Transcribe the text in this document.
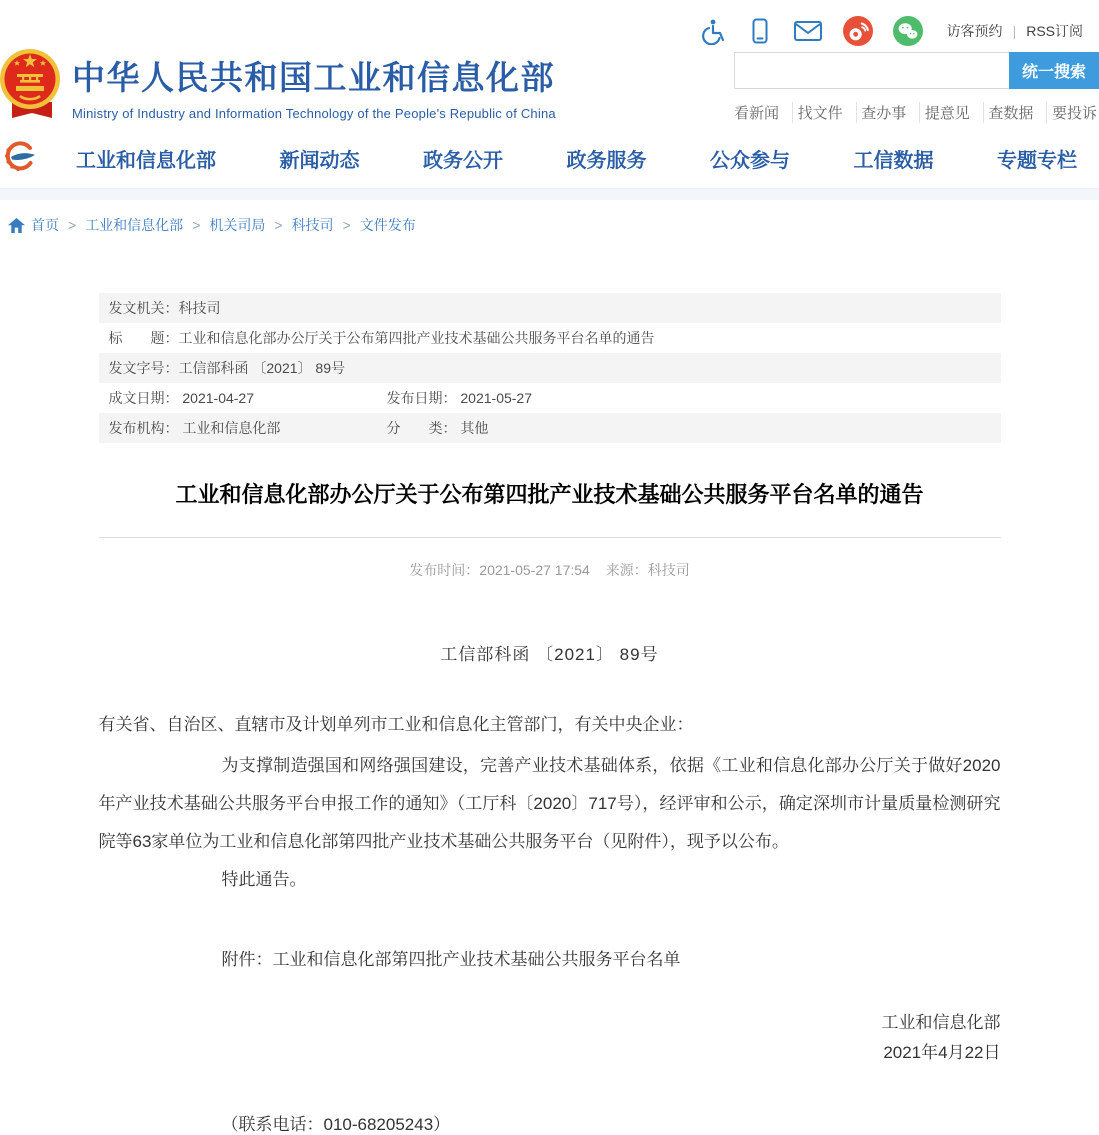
访客预约 | RSS订阅
中华人民共和国工业和信息化部
Ministry of Industry and Information Technology of the People's Republic of China
统一搜索
看新闻	找文件	查办事	提意见	查数据	要投诉
工业和信息化部	新闻动态	政务公开	政务服务	公众参与	工信数据	专题专栏
首页 > 工业和信息化部 > 机关司局 > 科技司 > 文件发布
发文机关： 科技司
标　　题： 工业和信息化部办公厅关于公布第四批产业技术基础公共服务平台名单的通告
发文字号： 工信部科函 〔2021〕 89号
成文日期： 2021-04-27	发布日期： 2021-05-27
发布机构： 工业和信息化部	分　　类： 其他
工业和信息化部办公厅关于公布第四批产业技术基础公共服务平台名单的通告
发布时间：2021-05-27 17:54 来源：科技司
工信部科函 〔2021〕 89号
有关省、自治区、直辖市及计划单列市工业和信息化主管部门，有关中央企业：
为支撑制造强国和网络强国建设，完善产业技术基础体系，依据《工业和信息化部办公厅关于做好2020年产业技术基础公共服务平台申报工作的通知》（工厅科〔2020〕717号），经评审和公示，确定深圳市计量质量检测研究院等63家单位为工业和信息化部第四批产业技术基础公共服务平台（见附件），现予以公布。
特此通告。
附件：工业和信息化部第四批产业技术基础公共服务平台名单
工业和信息化部
2021年4月22日
（联系电话：010-68205243）
